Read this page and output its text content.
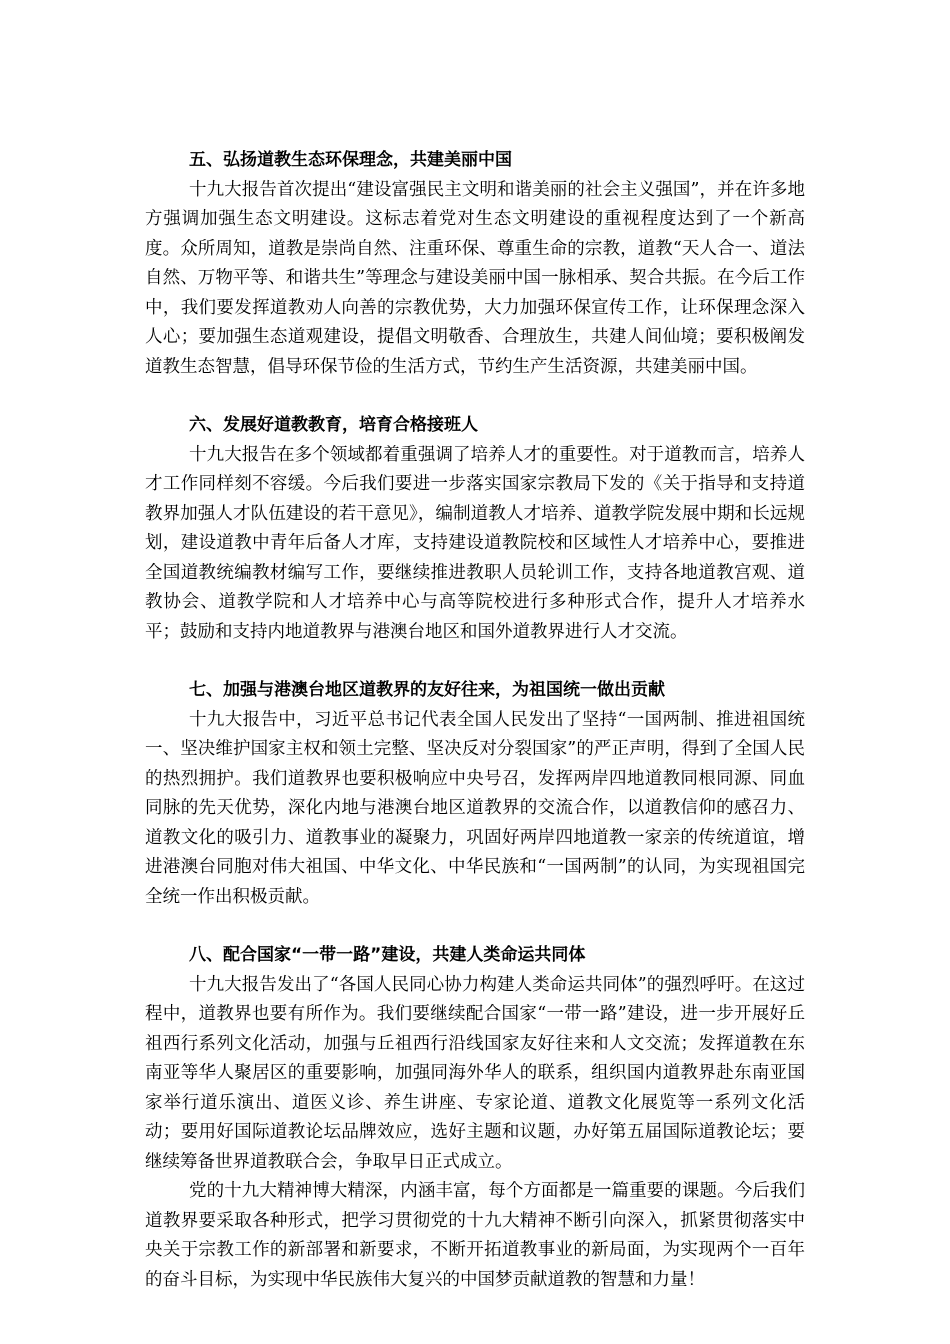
五、弘扬道教生态环保理念，共建美丽中国

十九大报告首次提出“建设富强民主文明和谐美丽的社会主义强国”，并在许多地方强调加强生态文明建设。这标志着党对生态文明建设的重视程度达到了一个新高度。众所周知，道教是崇尚自然、注重环保、尊重生命的宗教，道教“天人合一、道法自然、万物平等、和谐共生”等理念与建设美丽中国一脉相承、契合共振。在今后工作中，我们要发挥道教劝人向善的宗教优势，大力加强环保宣传工作，让环保理念深入人心；要加强生态道观建设，提倡文明敬香、合理放生，共建人间仙境；要积极阐发道教生态智慧，倡导环保节俭的生活方式，节约生产生活资源，共建美丽中国。

六、发展好道教教育，培育合格接班人

十九大报告在多个领域都着重强调了培养人才的重要性。对于道教而言，培养人才工作同样刻不容缓。今后我们要进一步落实国家宗教局下发的《关于指导和支持道教界加强人才队伍建设的若干意见》，编制道教人才培养、道教学院发展中期和长远规划，建设道教中青年后备人才库，支持建设道教院校和区域性人才培养中心，要推进全国道教统编教材编写工作，要继续推进教职人员轮训工作，支持各地道教宫观、道教协会、道教学院和人才培养中心与高等院校进行多种形式合作，提升人才培养水平；鼓励和支持内地道教界与港澳台地区和国外道教界进行人才交流。

七、加强与港澳台地区道教界的友好往来，为祖国统一做出贡献

十九大报告中，习近平总书记代表全国人民发出了坚持“一国两制、推进祖国统一、坚决维护国家主权和领土完整、坚决反对分裂国家”的严正声明，得到了全国人民的热烈拥护。我们道教界也要积极响应中央号召，发挥两岸四地道教同根同源、同血同脉的先天优势，深化内地与港澳台地区道教界的交流合作，以道教信仰的感召力、道教文化的吸引力、道教事业的凝聚力，巩固好两岸四地道教一家亲的传统道谊，增进港澳台同胞对伟大祖国、中华文化、中华民族和“一国两制”的认同，为实现祖国完全统一作出积极贡献。

八、配合国家“一带一路”建设，共建人类命运共同体

十九大报告发出了“各国人民同心协力构建人类命运共同体”的强烈呼吁。在这过程中，道教界也要有所作为。我们要继续配合国家“一带一路”建设，进一步开展好丘祖西行系列文化活动，加强与丘祖西行沿线国家友好往来和人文交流；发挥道教在东南亚等华人聚居区的重要影响，加强同海外华人的联系，组织国内道教界赴东南亚国家举行道乐演出、道医义诊、养生讲座、专家论道、道教文化展览等一系列文化活动；要用好国际道教论坛品牌效应，选好主题和议题，办好第五届国际道教论坛；要继续筹备世界道教联合会，争取早日正式成立。

党的十九大精神博大精深，内涵丰富，每个方面都是一篇重要的课题。今后我们道教界要采取各种形式，把学习贯彻党的十九大精神不断引向深入，抓紧贯彻落实中央关于宗教工作的新部署和新要求，不断开拓道教事业的新局面，为实现两个一百年的奋斗目标，为实现中华民族伟大复兴的中国梦贡献道教的智慧和力量！
